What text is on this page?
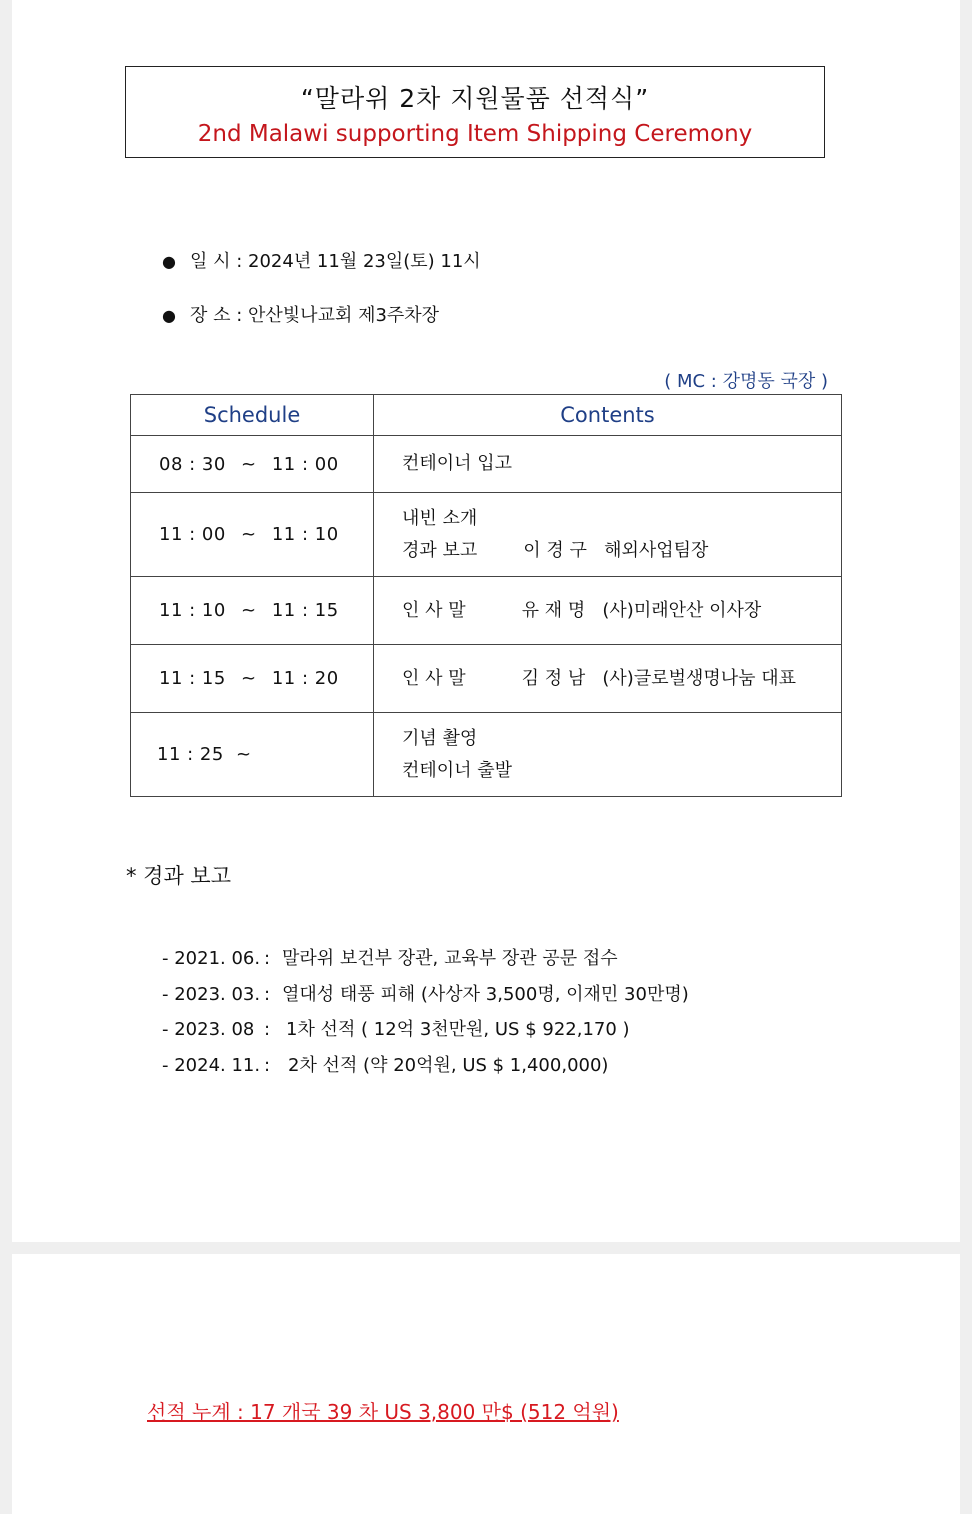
“말라위 2차 지원물품 선적식”
2nd Malawi supporting Item Shipping Ceremony
● 일 시 : 2024년 11월 23일(토) 11시
● 장 소 : 안산빛나교회 제3주차장
( MC : 강명동 국장 )
Schedule	Contents
08 : 30 ~ 11 : 00	컨테이너 입고
11 : 00 ~ 11 : 10	내빈 소개
경과 보고 이 경 구 해외사업팀장

11 : 10 ~ 11 : 15	인 사 말 유 재 명 (사)미래안산 이사장
11 : 15 ~ 11 : 20	인 사 말 김 정 남 (사)글로벌생명나눔 대표
11 : 25 ~	기념 촬영
컨테이너 출발
* 경과 보고
- 2021. 06. : 말라위 보건부 장관, 교육부 장관 공문 접수
- 2023. 03. : 열대성 태풍 피해 (사상자 3,500명, 이재민 30만명)
- 2023. 08 : 1차 선적 ( 12억 3천만원, US $ 922,170 )
- 2024. 11. : 2차 선적 (약 20억원, US $ 1,400,000)
선적 누계 : 17 개국 39 차 US 3,800 만$ (512 억원)
